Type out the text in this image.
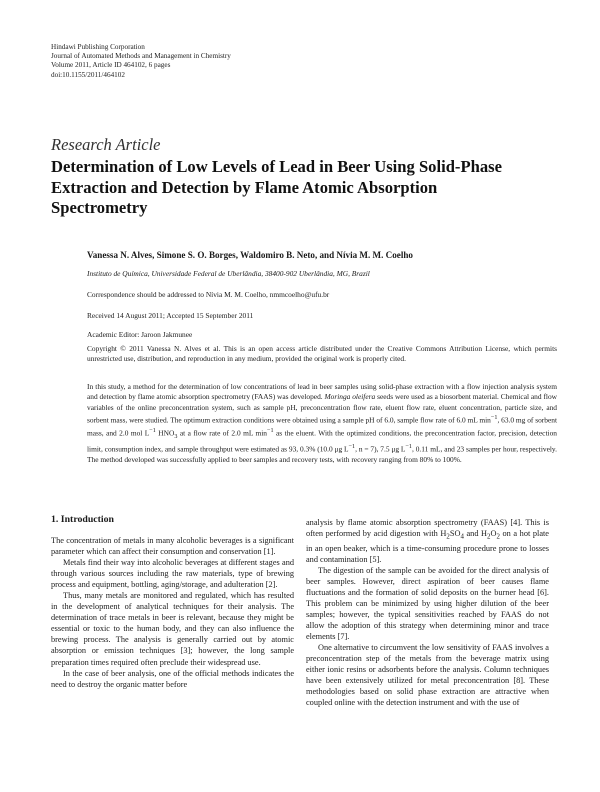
Hindawi Publishing Corporation
Journal of Automated Methods and Management in Chemistry
Volume 2011, Article ID 464102, 6 pages
doi:10.1155/2011/464102
Research Article
Determination of Low Levels of Lead in Beer Using Solid-Phase Extraction and Detection by Flame Atomic Absorption Spectrometry
Vanessa N. Alves, Simone S. O. Borges, Waldomiro B. Neto, and Nívia M. M. Coelho
Instituto de Química, Universidade Federal de Uberlândia, 38400-902 Uberlândia, MG, Brazil
Correspondence should be addressed to Nívia M. M. Coelho, nmmcoelho@ufu.br
Received 14 August 2011; Accepted 15 September 2011
Academic Editor: Jaroon Jakmunee
Copyright © 2011 Vanessa N. Alves et al. This is an open access article distributed under the Creative Commons Attribution License, which permits unrestricted use, distribution, and reproduction in any medium, provided the original work is properly cited.
In this study, a method for the determination of low concentrations of lead in beer samples using solid-phase extraction with a flow injection analysis system and detection by flame atomic absorption spectrometry (FAAS) was developed. Moringa oleifera seeds were used as a biosorbent material. Chemical and flow variables of the online preconcentration system, such as sample pH, preconcentration flow rate, eluent flow rate, eluent concentration, particle size, and sorbent mass, were studied. The optimum extraction conditions were obtained using a sample pH of 6.0, sample flow rate of 6.0 mL $\min^{-1}$, 63.0 mg of sorbent mass, and 2.0 mol $L^{-1}$ $HNO_3$ at a flow rate of 2.0 mL $\min^{-1}$ as the eluent. With the optimized conditions, the preconcentration factor, precision, detection limit, consumption index, and sample throughput were estimated as 93, 0.3% (10.0 μg $L^{-1}$, n = 7), 7.5 μg $L^{-1}$, 0.11 mL, and 23 samples per hour, respectively. The method developed was successfully applied to beer samples and recovery tests, with recovery ranging from 80% to 100%.
1. Introduction

The concentration of metals in many alcoholic beverages is a significant parameter which can affect their consumption and conservation [1].

Metals find their way into alcoholic beverages at different stages and through various sources including the raw materials, type of brewing process and equipment, bottling, aging/storage, and adulteration [2].

Thus, many metals are monitored and regulated, which has resulted in the development of analytical techniques for their analysis. The determination of trace metals in beer is relevant, because they might be essential or toxic to the human body, and they can also influence the brewing process. The analysis is generally carried out by atomic absorption or emission techniques [3]; however, the long sample preparation times required often preclude their widespread use.

In the case of beer analysis, one of the official methods indicates the need to destroy the organic matter before

analysis by flame atomic absorption spectrometry (FAAS) [4]. This is often performed by acid digestion with $H_2SO_4$ and $H_2O_2$ on a hot plate in an open beaker, which is a time-consuming procedure prone to losses and contamination [5].

The digestion of the sample can be avoided for the direct analysis of beer samples. However, direct aspiration of beer causes flame fluctuations and the formation of solid deposits on the burner head [6]. This problem can be minimized by using higher dilution of the beer samples; however, the typical sensitivities reached by FAAS do not allow the adoption of this strategy when determining minor and trace elements [7].

One alternative to circumvent the low sensitivity of FAAS involves a preconcentration step of the metals from the beverage matrix using either ionic resins or adsorbents before the analysis. Column techniques have been extensively utilized for metal preconcentration [8]. These methodologies based on solid phase extraction are attractive when coupled online with the detection instrument and with the use of
